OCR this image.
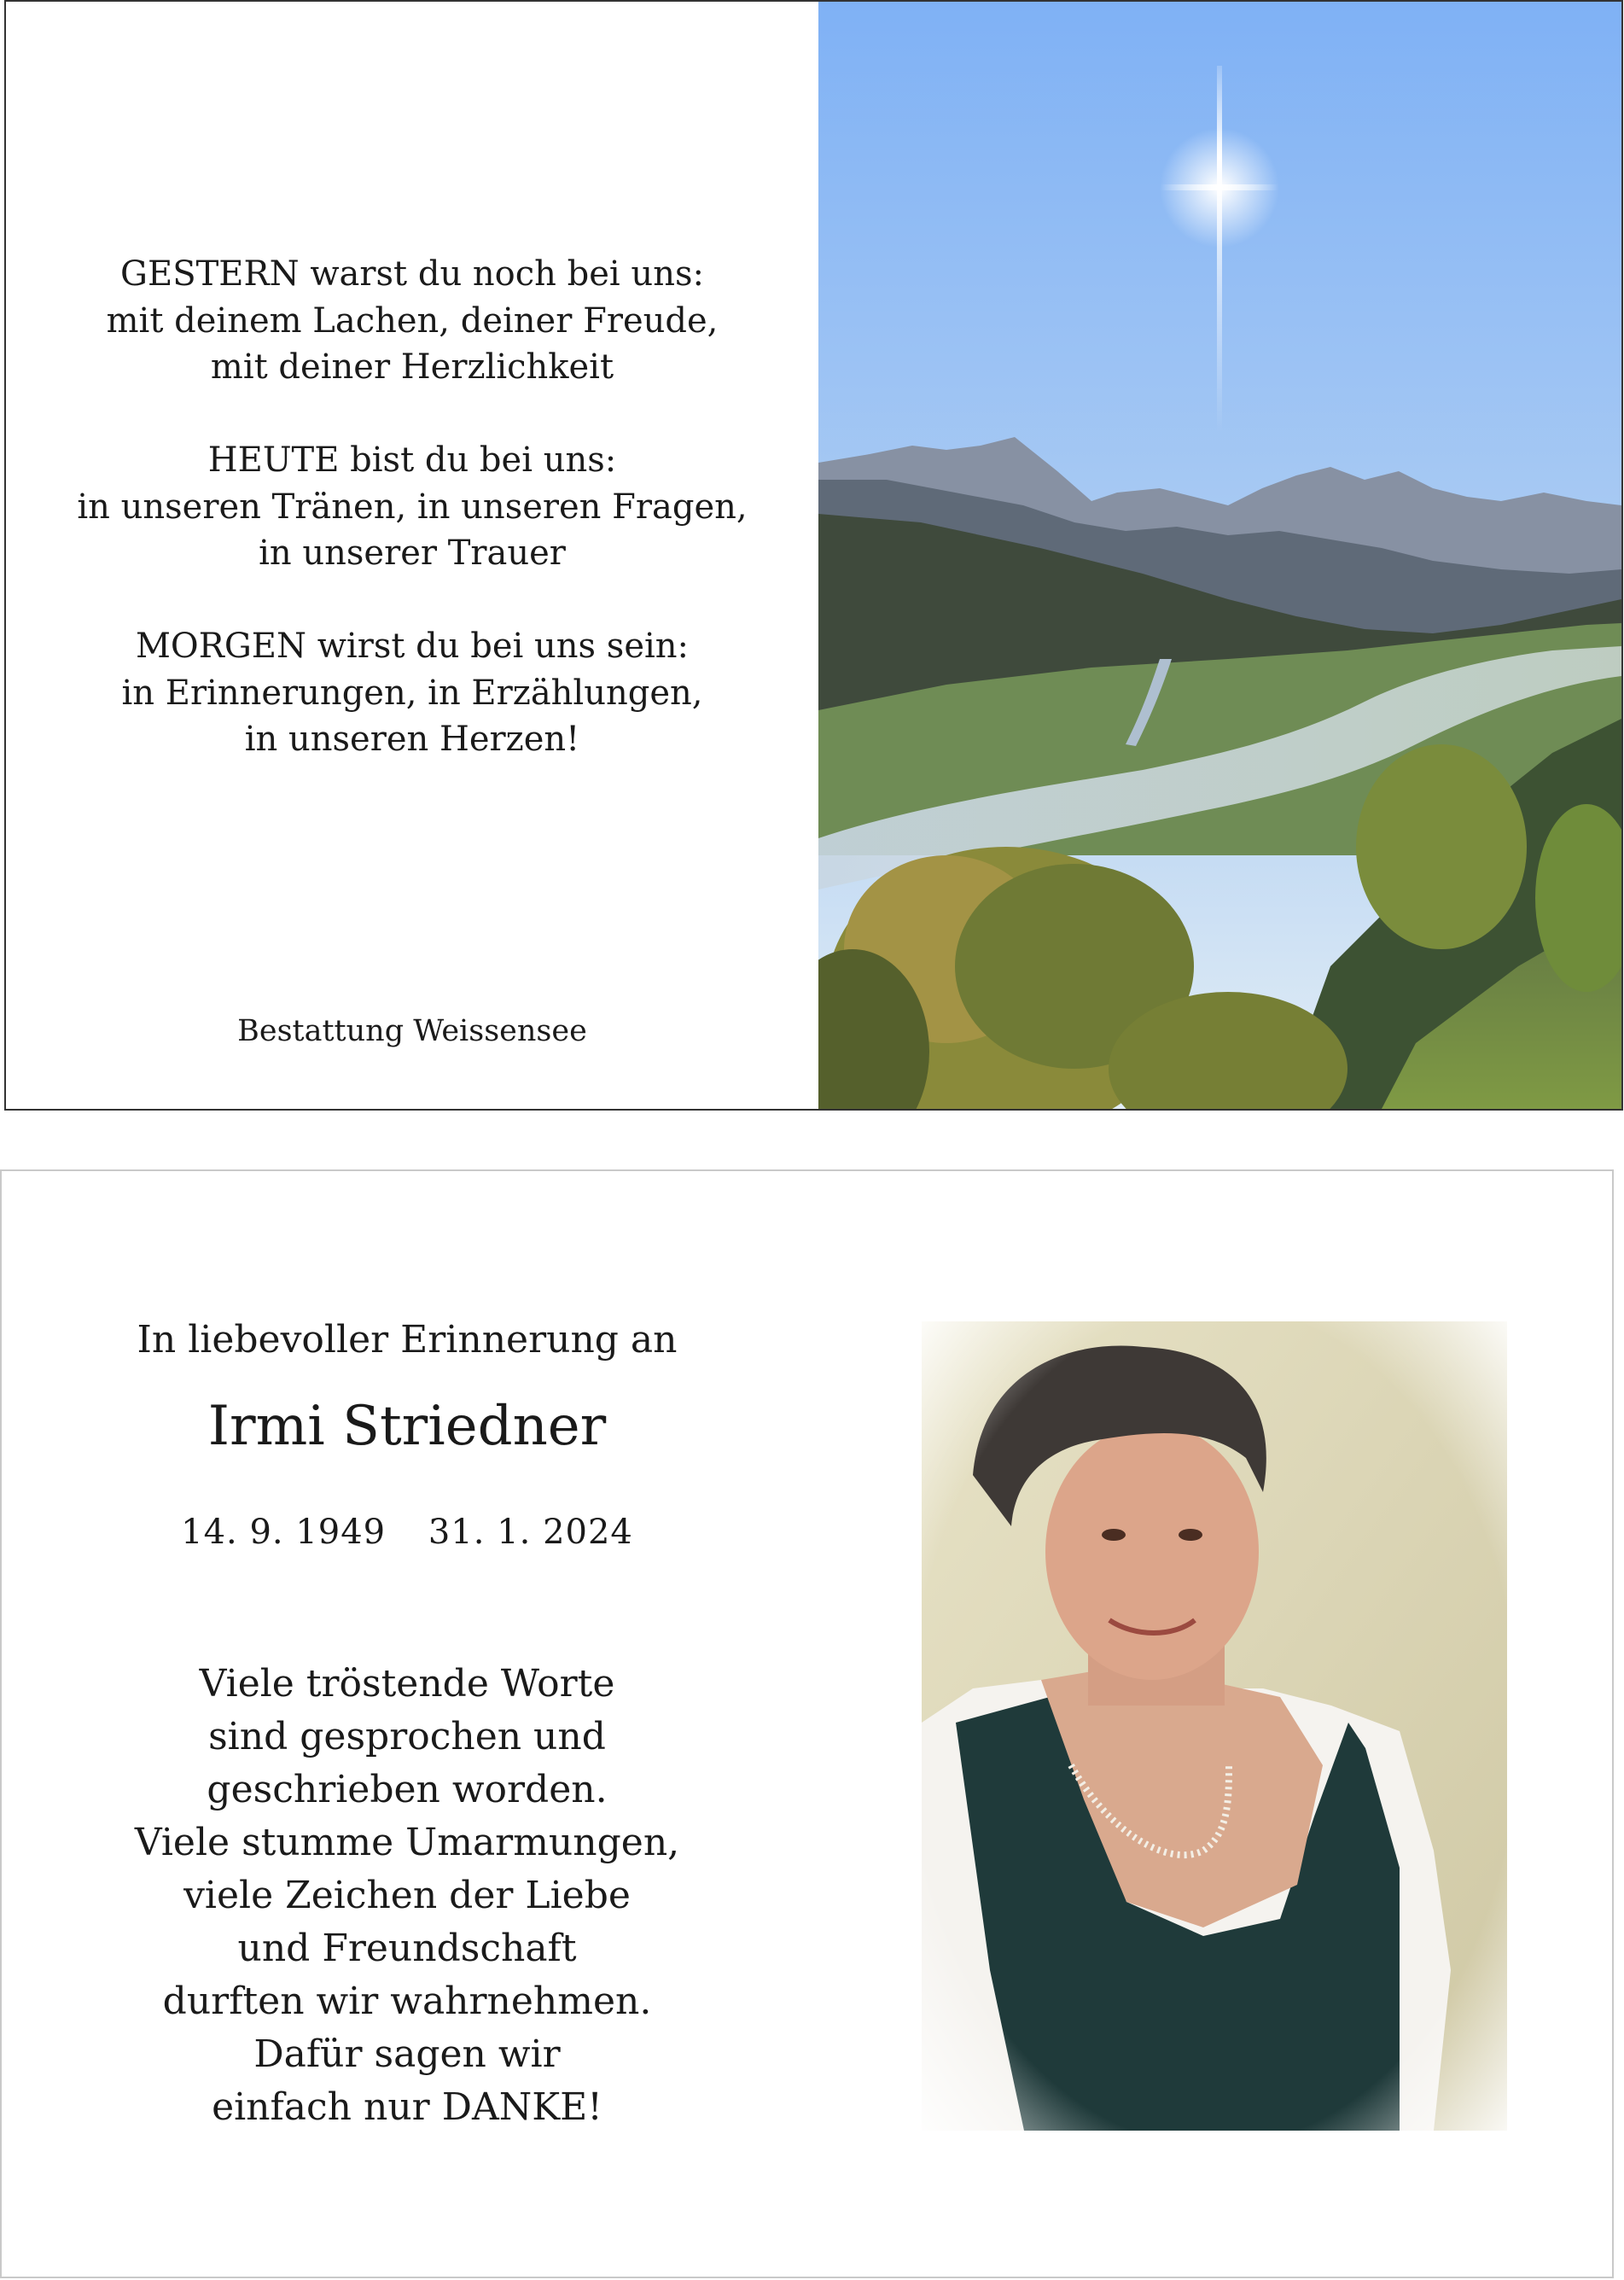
GESTERN warst du noch bei uns:
mit deinem Lachen, deiner Freude,
mit deiner Herzlichkeit
HEUTE bist du bei uns:
in unseren Tränen, in unseren Fragen,
in unserer Trauer
MORGEN wirst du bei uns sein:
in Erinnerungen, in Erzählungen,
in unseren Herzen!
Bestattung Weissensee
In liebevoller Erinnerung an
Irmi Striedner
14. 9. 1949 31. 1. 2024
Viele tröstende Worte
sind gesprochen und
geschrieben worden.
Viele stumme Umarmungen,
viele Zeichen der Liebe
und Freundschaft
durften wir wahrnehmen.
Dafür sagen wir
einfach nur DANKE!
